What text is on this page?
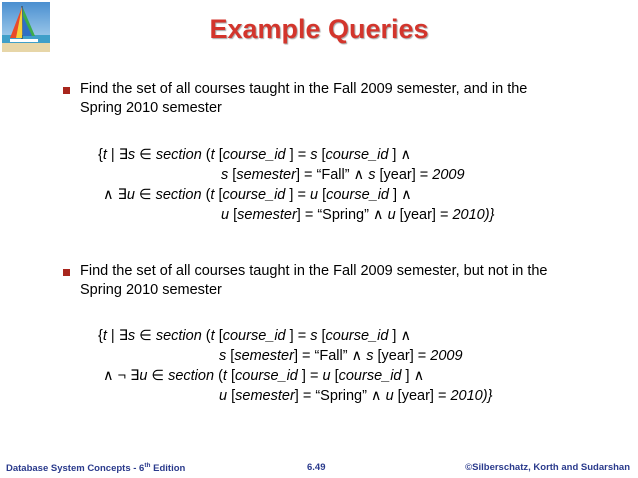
Example Queries
Find the set of all courses taught in the Fall 2009 semester, and in the Spring 2010 semester
{t | ∃s ∈ section (t [course_id ] = s [course_id ] ∧
s [semester] = “Fall” ∧ s [year] = 2009
∧ ∃u ∈ section (t [course_id ] = u [course_id ] ∧
u [semester] = “Spring” ∧ u [year] = 2010)}
Find the set of all courses taught in the Fall 2009 semester, but not in the Spring 2010 semester
{t | ∃s ∈ section (t [course_id ] = s [course_id ] ∧
s [semester] = “Fall” ∧ s [year] = 2009
∧ ¬ ∃u ∈ section (t [course_id ] = u [course_id ] ∧
u [semester] = “Spring” ∧ u [year] = 2010)}
Database System Concepts - 6th Edition	6.49	©Silberschatz, Korth and Sudarshan
